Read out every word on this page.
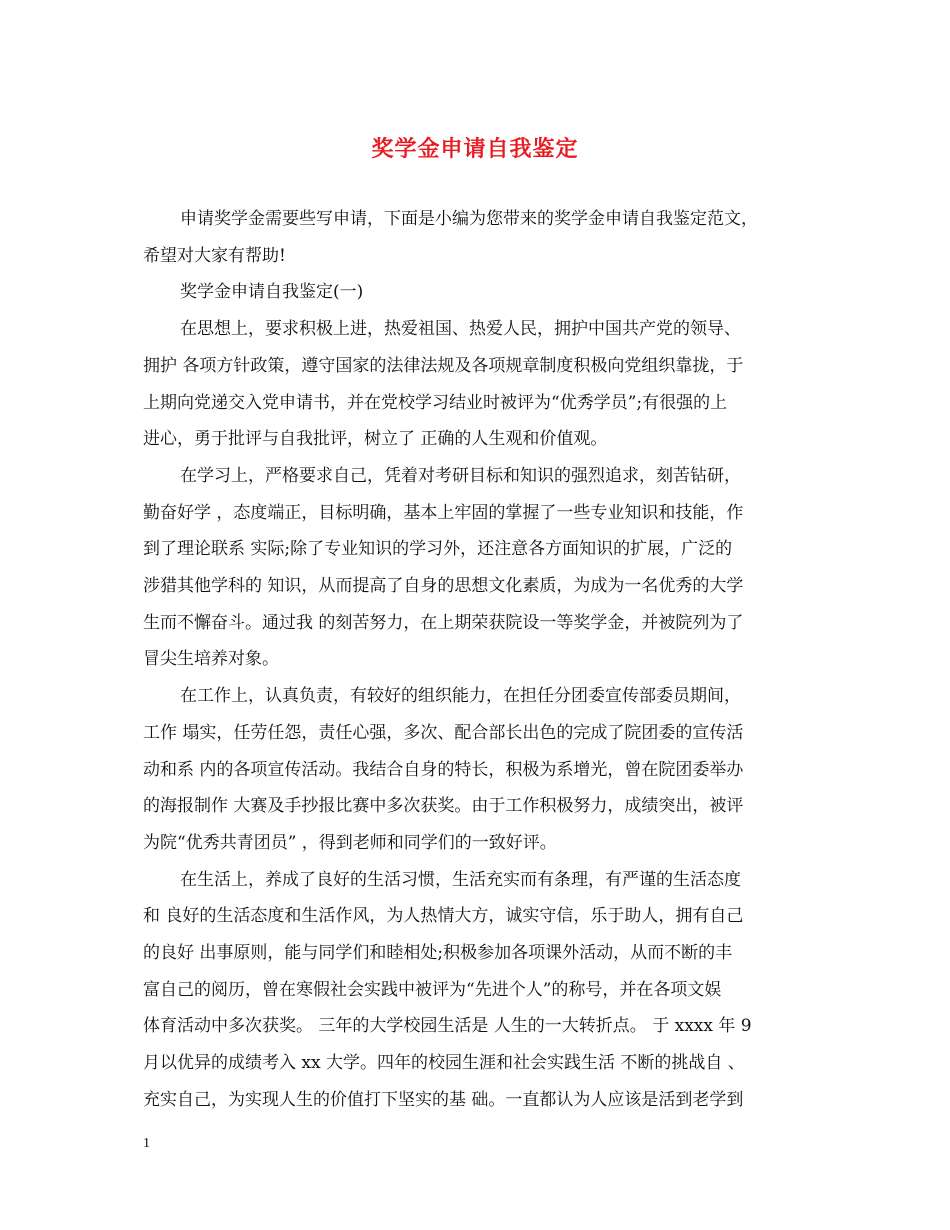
奖学金申请自我鉴定
申请奖学金需要些写申请，下面是小编为您带来的奖学金申请自我鉴定范文，
希望对大家有帮助!
奖学金申请自我鉴定(一)
在思想上，要求积极上进，热爱祖国、热爱人民，拥护中国共产党的领导、
拥护 各项方针政策，遵守国家的法律法规及各项规章制度积极向党组织靠拢，于
上期向党递交入党申请书，并在党校学习结业时被评为“优秀学员”;有很强的上
进心，勇于批评与自我批评，树立了 正确的人生观和价值观。
在学习上，严格要求自己，凭着对考研目标和知识的强烈追求，刻苦钻研，
勤奋好学 ，态度端正，目标明确，基本上牢固的掌握了一些专业知识和技能，作
到了理论联系 实际;除了专业知识的学习外，还注意各方面知识的扩展，广泛的
涉猎其他学科的 知识，从而提高了自身的思想文化素质，为成为一名优秀的大学
生而不懈奋斗。通过我 的刻苦努力，在上期荣获院设一等奖学金，并被院列为了
冒尖生培养对象。
在工作上，认真负责，有较好的组织能力，在担任分团委宣传部委员期间，
工作 塌实，任劳任怨，责任心强，多次、配合部长出色的完成了院团委的宣传活
动和系 内的各项宣传活动。我结合自身的特长，积极为系增光，曾在院团委举办
的海报制作 大赛及手抄报比赛中多次获奖。由于工作积极努力，成绩突出，被评
为院“优秀共青团员” ，得到老师和同学们的一致好评。
在生活上，养成了良好的生活习惯，生活充实而有条理，有严谨的生活态度
和 良好的生活态度和生活作风，为人热情大方，诚实守信，乐于助人，拥有自己
的良好 出事原则，能与同学们和睦相处;积极参加各项课外活动，从而不断的丰
富自己的阅历，曾在寒假社会实践中被评为“先进个人”的称号，并在各项文娱
体育活动中多次获奖。 三年的大学校园生活是 人生的一大转折点。 于 xxxx 年 9
月以优异的成绩考入 xx 大学。四年的校园生涯和社会实践生活 不断的挑战自 、
充实自己，为实现人生的价值打下坚实的基 础。一直都认为人应该是活到老学到
1
